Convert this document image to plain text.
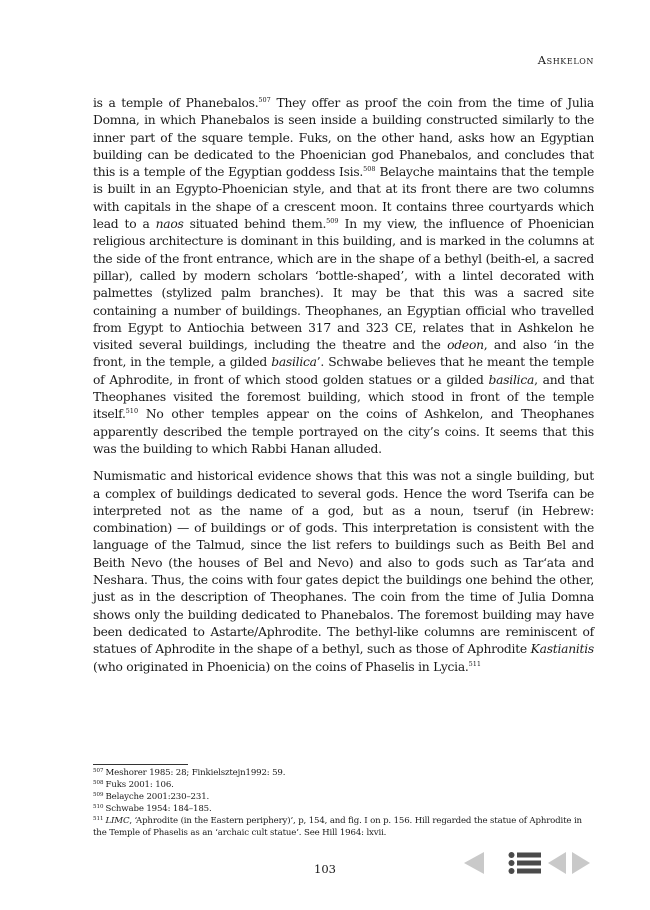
Ashkelon

is a temple of Phanebalos.$^{507}$ They offer as proof the coin from the time of Julia Domna, in which Phanebalos is seen inside a building constructed similarly to the inner part of the square temple. Fuks, on the other hand, asks how an Egyptian building can be dedicated to the Phoenician god Phanebalos, and concludes that this is a temple of the Egyptian goddess Isis.$^{508}$ Belayche maintains that the temple is built in an Egypto-Phoenician style, and that at its front there are two columns with capitals in the shape of a crescent moon. It contains three courtyards which lead to a naos situated behind them.$^{509}$ In my view, the influence of Phoenician religious architecture is dominant in this building, and is marked in the columns at the side of the front entrance, which are in the shape of a bethyl (beith-el, a sacred pillar), called by modern scholars ‘bottle-shaped’, with a lintel decorated with palmettes (stylized palm branches). It may be that this was a sacred site containing a number of buildings. Theophanes, an Egyptian official who travelled from Egypt to Antiochia between 317 and 323 CE, relates that in Ashkelon he visited several buildings, including the theatre and the odeon, and also ‘in the front, in the temple, a gilded basilica’. Schwabe believes that he meant the temple of Aphrodite, in front of which stood golden statues or a gilded basilica, and that Theophanes visited the foremost building, which stood in front of the temple itself.$^{510}$ No other temples appear on the coins of Ashkelon, and Theophanes apparently described the temple portrayed on the city’s coins. It seems that this was the building to which Rabbi Hanan alluded.

Numismatic and historical evidence shows that this was not a single building, but a complex of buildings dedicated to several gods. Hence the word Tserifa can be interpreted not as the name of a god, but as a noun, tseruf (in Hebrew: combination) — of buildings or of gods. This interpretation is consistent with the language of the Talmud, since the list refers to buildings such as Beith Bel and Beith Nevo (the houses of Bel and Nevo) and also to gods such as Tar‘ata and Neshara. Thus, the coins with four gates depict the buildings one behind the other, just as in the description of Theophanes. The coin from the time of Julia Domna shows only the building dedicated to Phanebalos. The foremost building may have been dedicated to Astarte/Aphrodite. The bethyl-like columns are reminiscent of statues of Aphrodite in the shape of a bethyl, such as those of Aphrodite Kastianitis (who originated in Phoenicia) on the coins of Phaselis in Lycia.$^{511}$

$^{507}$ Meshorer 1985: 28; Finkielsztejn1992: 59.

$^{508}$ Fuks 2001: 106.

$^{509}$ Belayche 2001:230–231.

$^{510}$ Schwabe 1954: 184–185.

$^{511}$ LIMC, ‘Aphrodite (in the Eastern periphery)’, p, 154, and fig. I on p. 156. Hill regarded the statue of Aphrodite in the Temple of Phaselis as an ‘archaic cult statue’. See Hill 1964: lxvii.

103
